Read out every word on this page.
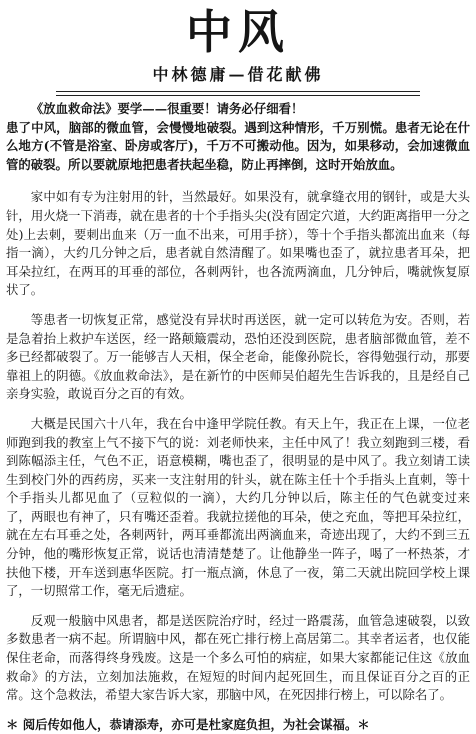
中风
中林德庸—借花献佛

《放血救命法》要学——很重要！请务必仔细看！
患了中风，脑部的微血管，会慢慢地破裂。遇到这种情形，千万别慌。患者无论在什么地方(不管是浴室、卧房或客厅)，千万不可搬动他。因为，如果移动，会加速微血管的破裂。所以要就原地把患者扶起坐稳，防止再摔倒，这时开始放血。

家中如有专为注射用的针，当然最好。如果没有，就拿缝衣用的钢针，或是大头针，用火烧一下消毒，就在患者的十个手指头尖(没有固定穴道，大约距离指甲一分之处)上去刺，要刺出血来（万一血不出来，可用手挤），等十个手指头都流出血来（每指一滴），大约几分钟之后，患者就自然清醒了。如果嘴也歪了，就拉患者耳朵，把耳朵拉红，在两耳的耳垂的部位，各刺两针，也各流两滴血，几分钟后，嘴就恢复原状了。

等患者一切恢复正常，感觉没有异状时再送医，就一定可以转危为安。否则，若是急着抬上救护车送医，经一路颠簸震动，恐怕还没到医院，患者脑部微血管，差不多已经都破裂了。万一能够吉人天相，保全老命，能像孙院长，容得勉强行动，那要靠祖上的阴德。《放血救命法》，是在新竹的中医师吴伯超先生告诉我的，且是经自己亲身实验，敢说百分之百的有效。

大概是民国六十八年，我在台中逢甲学院任教。有天上午，我正在上课，一位老师跑到我的教室上气不接下气的说：刘老师快来，主任中风了！我立刻跑到三楼，看到陈幅添主任，气色不正，语意模糊，嘴也歪了，很明显的是中风了。我立刻请工读生到校门外的西药房，买来一支注射用的针头，就在陈主任十个手指头上直刺，等十个手指头儿都见血了（豆粒似的一滴），大约几分钟以后，陈主任的气色就变过来了，两眼也有神了，只有嘴还歪着。我就拉搓他的耳朵，使之充血，等把耳朵拉红，就在左右耳垂之处，各刺两针，两耳垂都流出两滴血来，奇迹出现了，大约不到三五分钟，他的嘴形恢复正常，说话也清清楚楚了。让他静坐一阵子，喝了一杯热茶，才扶他下楼，开车送到惠华医院。打一瓶点滴，休息了一夜，第二天就出院回学校上课了，一切照常工作，毫无后遗症。

反观一般脑中风患者，都是送医院治疗时，经过一路震荡，血管急速破裂，以致多数患者一病不起。所谓脑中风，都在死亡排行榜上高居第二。其幸者运者，也仅能保住老命，而落得终身残废。这是一个多么可怕的病症，如果大家都能记住这《放血救命》的方法，立刻加法施救，在短短的时间内起死回生，而且保证百分之百的正常。这个急救法，希望大家告诉大家，那脑中风，在死因排行榜上，可以除名了。

＊ 阅后传如他人，恭请添寿，亦可是杜家庭负担，为社会谋福。＊
